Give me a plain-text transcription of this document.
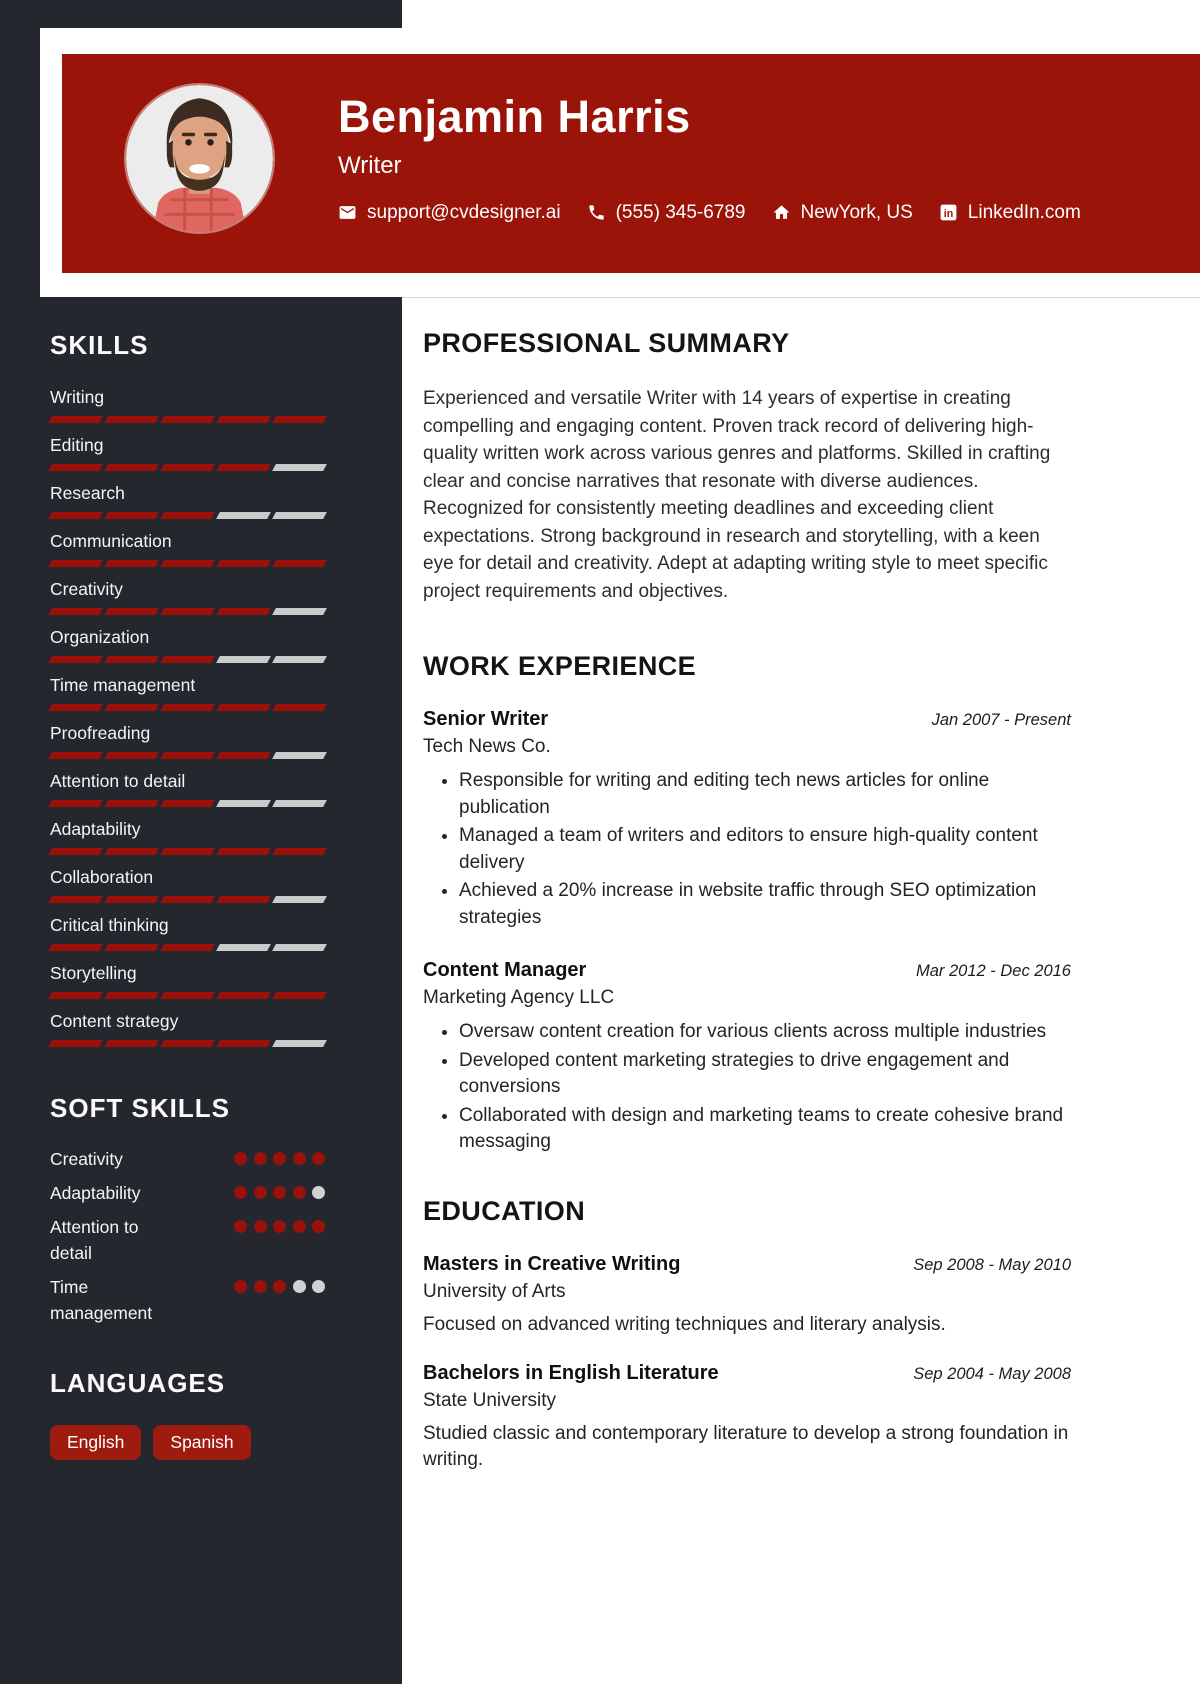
Benjamin Harris
Writer
support@cvdesigner.ai	(555) 345-6789	NewYork, US in LinkedIn.com
SKILLS
Writing
Editing
Research
Communication
Creativity
Organization
Time management
Proofreading
Attention to detail
Adaptability
Collaboration
Critical thinking
Storytelling
Content strategy
SOFT SKILLS
Creativity
Adaptability
Attention to detail
Time management
LANGUAGES
English	Spanish
PROFESSIONAL SUMMARY

Experienced and versatile Writer with 14 years of expertise in creating compelling and engaging content. Proven track record of delivering high-quality written work across various genres and platforms. Skilled in crafting clear and concise narratives that resonate with diverse audiences. Recognized for consistently meeting deadlines and exceeding client expectations. Strong background in research and storytelling, with a keen eye for detail and creativity. Adept at adapting writing style to meet specific project requirements and objectives.

WORK EXPERIENCE
Senior Writer	Jan 2007 - Present
Tech News Co.
• Responsible for writing and editing tech news articles for online publication
• Managed a team of writers and editors to ensure high-quality content delivery
• Achieved a 20% increase in website traffic through SEO optimization strategies
Content Manager	Mar 2012 - Dec 2016
Marketing Agency LLC
• Oversaw content creation for various clients across multiple industries
• Developed content marketing strategies to drive engagement and conversions
• Collaborated with design and marketing teams to create cohesive brand messaging
EDUCATION
Masters in Creative Writing	Sep 2008 - May 2010
University of Arts

Focused on advanced writing techniques and literary analysis.

Bachelors in English Literature	Sep 2004 - May 2008
State University

Studied classic and contemporary literature to develop a strong foundation in writing.
